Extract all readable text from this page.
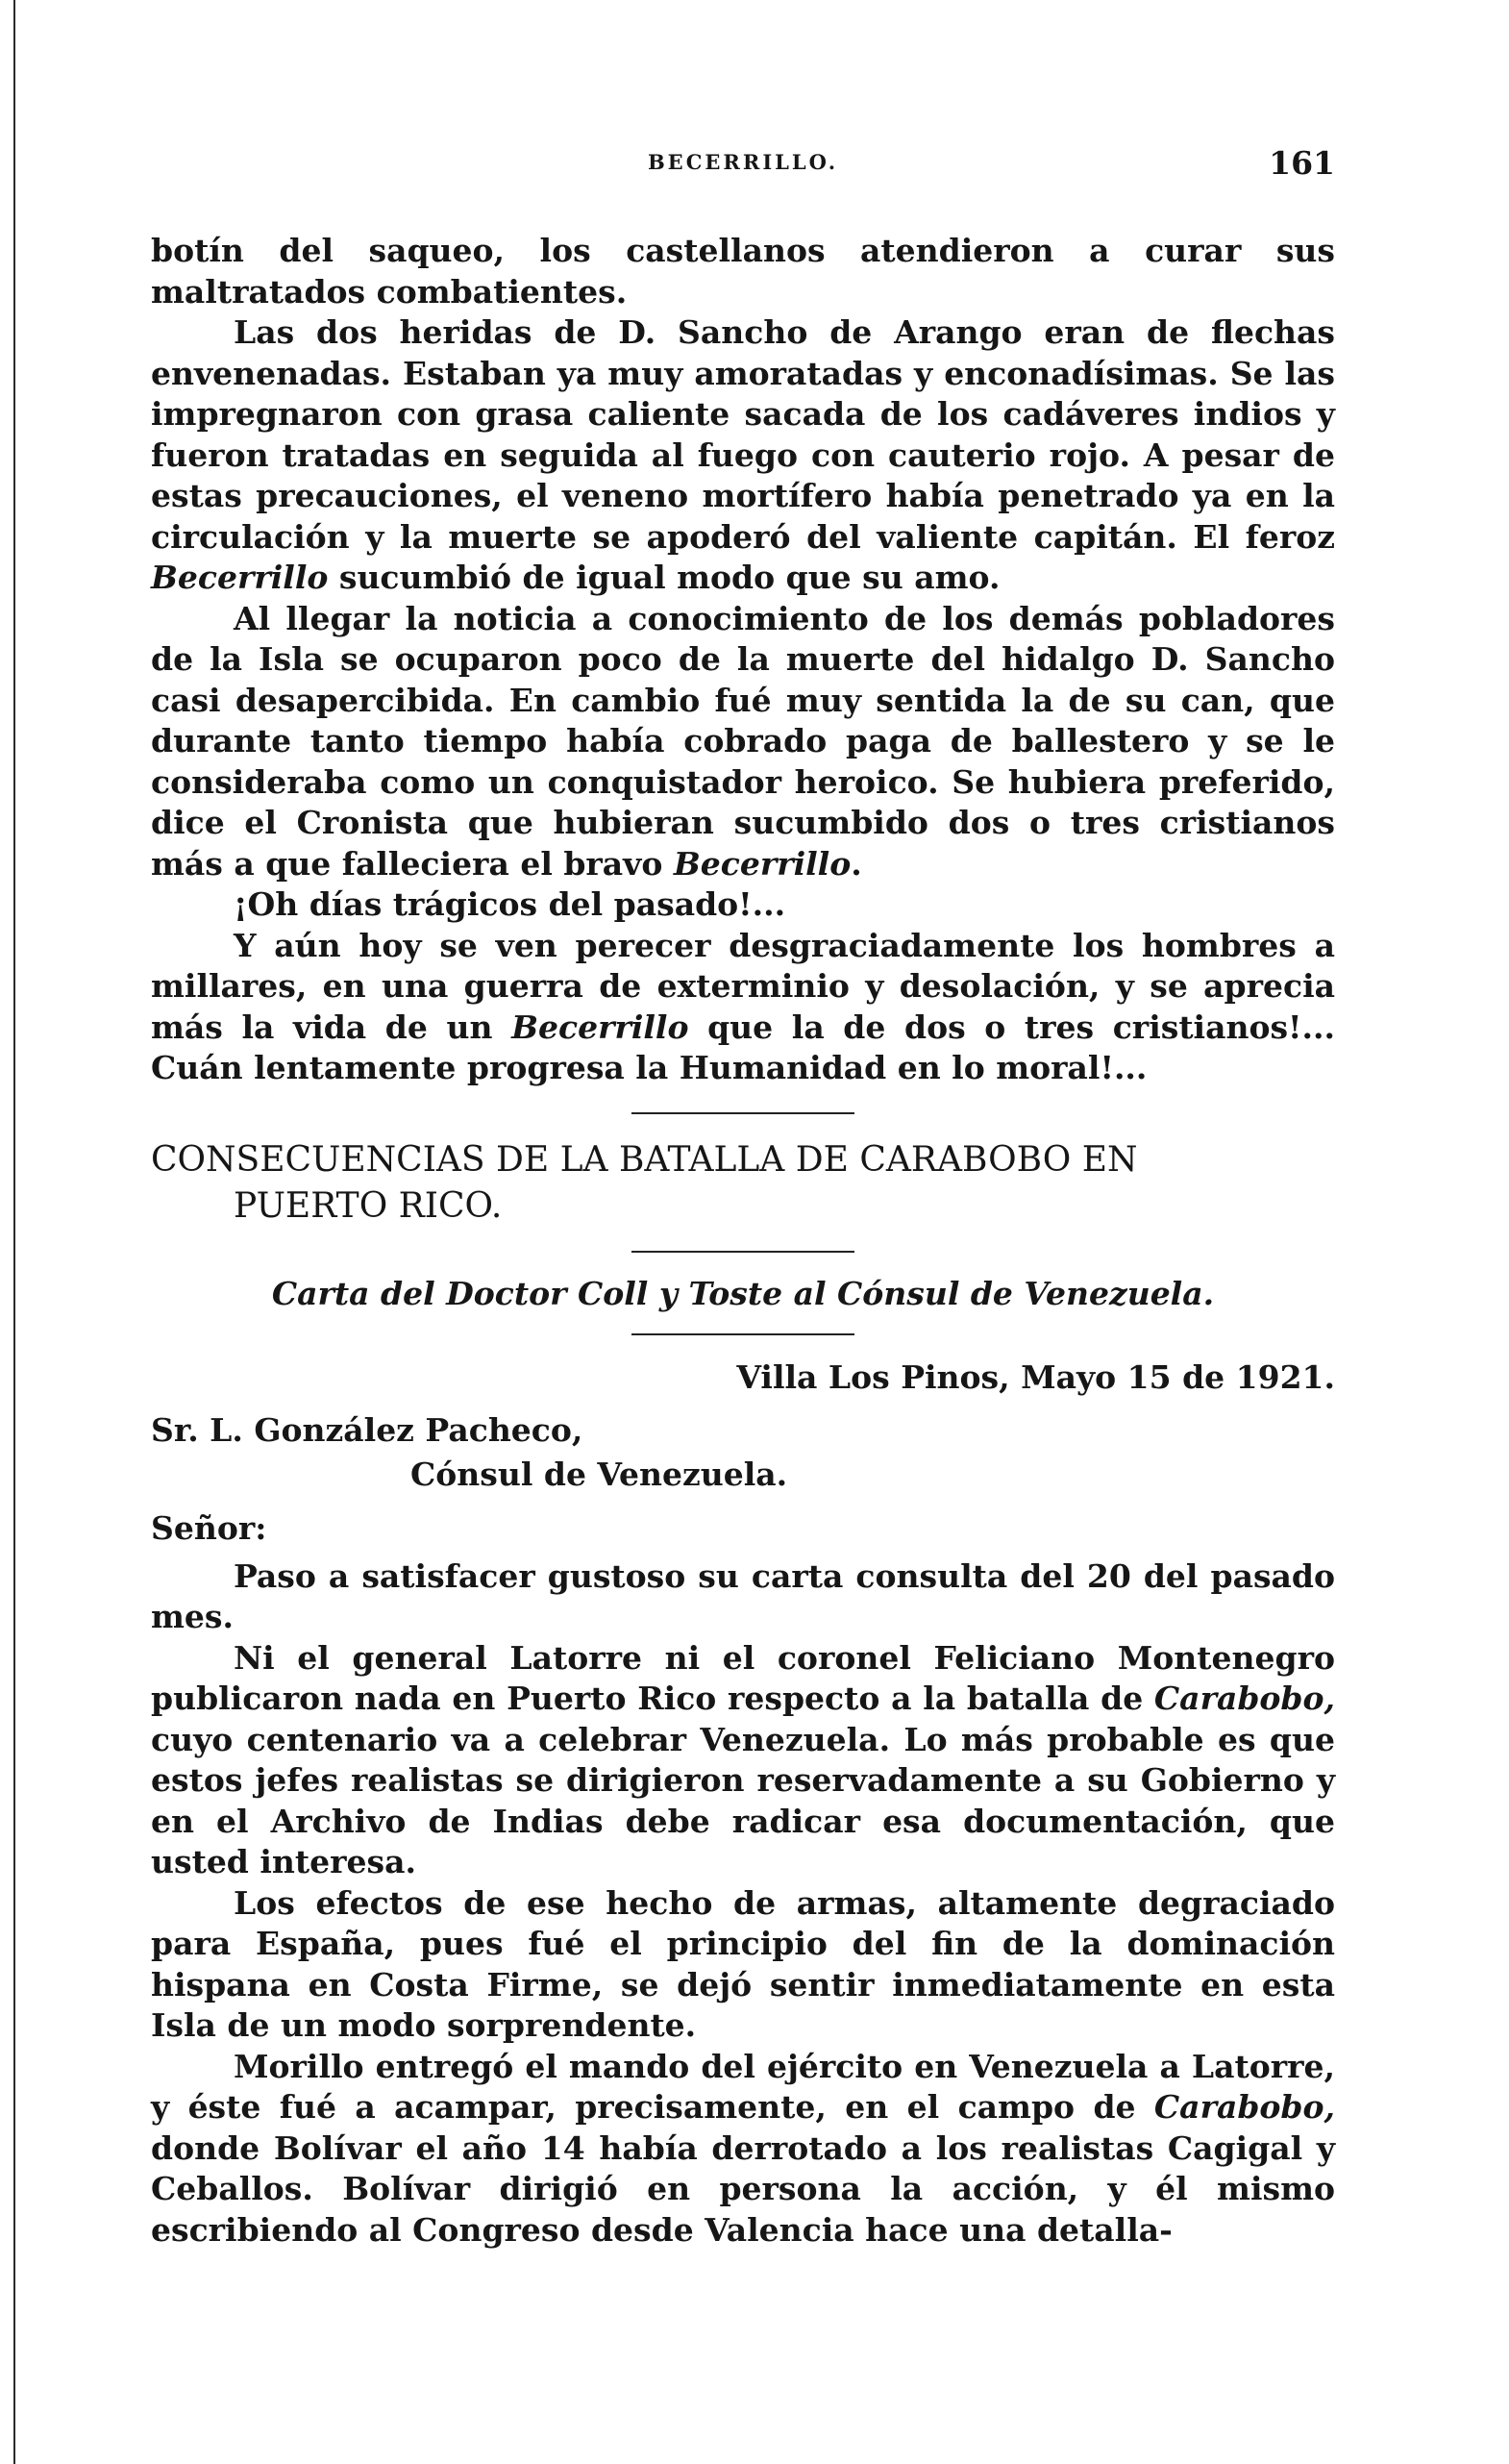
BECERRILLO.	161

botín del saqueo, los castellanos atendieron a curar sus maltratados combatientes.

Las dos heridas de D. Sancho de Arango eran de flechas envenenadas. Estaban ya muy amoratadas y enconadísimas. Se las impregnaron con grasa caliente sacada de los cadáveres indios y fueron tratadas en seguida al fuego con cauterio rojo. A pesar de estas precauciones, el veneno mortífero había penetrado ya en la circulación y la muerte se apoderó del valiente capitán. El feroz Becerrillo sucumbió de igual modo que su amo.

Al llegar la noticia a conocimiento de los demás pobladores de la Isla se ocuparon poco de la muerte del hidalgo D. Sancho casi desapercibida. En cambio fué muy sentida la de su can, que durante tanto tiempo había cobrado paga de ballestero y se le consideraba como un conquistador heroico. Se hubiera preferido, dice el Cronista que hubieran sucumbido dos o tres cristianos más a que falleciera el bravo Becerrillo.

¡Oh días trágicos del pasado!...

Y aún hoy se ven perecer desgraciadamente los hombres a millares, en una guerra de exterminio y desolación, y se aprecia más la vida de un Becerrillo que la de dos o tres cristianos!... Cuán lentamente progresa la Humanidad en lo moral!...

CONSECUENCIAS DE LA BATALLA DE CARABOBO EN
PUERTO RICO.
Carta del Doctor Coll y Toste al Cónsul de Venezuela.
Villa Los Pinos, Mayo 15 de 1921.
Sr. L. González Pacheco,
Cónsul de Venezuela.
Señor:

Paso a satisfacer gustoso su carta consulta del 20 del pasado mes.

Ni el general Latorre ni el coronel Feliciano Montenegro publicaron nada en Puerto Rico respecto a la batalla de Carabobo, cuyo centenario va a celebrar Venezuela. Lo más probable es que estos jefes realistas se dirigieron reservadamente a su Gobierno y en el Archivo de Indias debe radicar esa documentación, que usted interesa.

Los efectos de ese hecho de armas, altamente degraciado para España, pues fué el principio del fin de la dominación hispana en Costa Firme, se dejó sentir inmediatamente en esta Isla de un modo sorprendente.

Morillo entregó el mando del ejército en Venezuela a Latorre, y éste fué a acampar, precisamente, en el campo de Carabobo, donde Bolívar el año 14 había derrotado a los realistas Cagigal y Ceballos. Bolívar dirigió en persona la acción, y él mismo escribiendo al Congreso desde Valencia hace una detalla-
